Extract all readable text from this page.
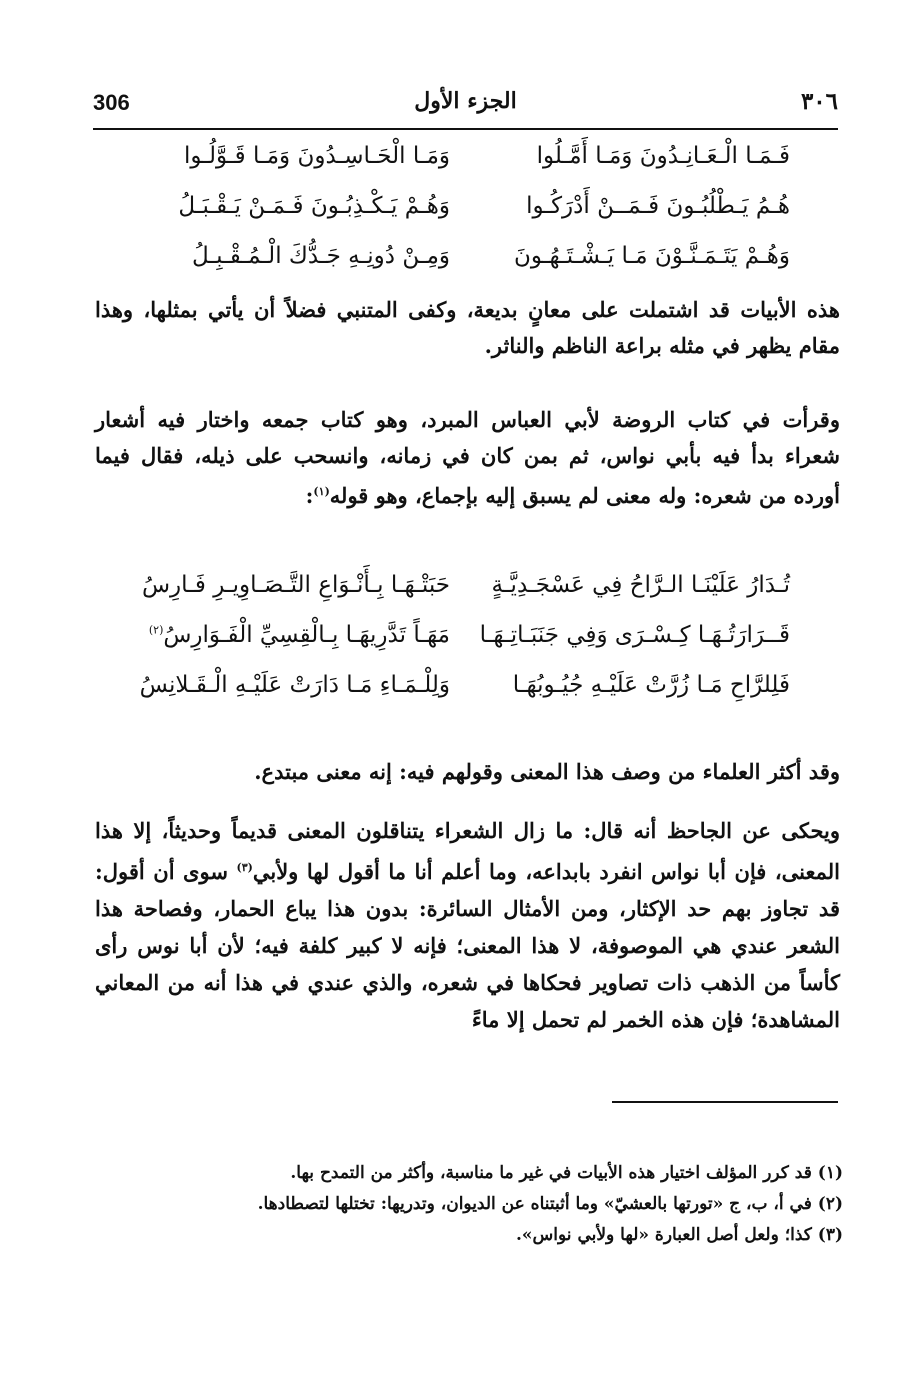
306	الجزء الأول	٣٠٦
فَـمَـا الْـعَـانِـدُونَ وَمَـا أَمَّـلُوا
وَمَـا الْحَـاسِـدُونَ وَمَـا قَـوَّلُـوا
هُـمُ يَـطْلُبُـونَ فَـمَــنْ أَدْرَكُـوا
وَهُـمْ يَـكْـذِبُـونَ فَـمَـنْ يَـقْـبَـلُ
وَهُـمْ يَتَـمَـنَّـوْنَ مَـا يَـشْـتَـهُـونَ
وَمِـنْ دُونِـهِ جَـدُّكَ الْـمُـقْـبِـلُ

هذه الأبيات قد اشتملت على معانٍ بديعة، وكفى المتنبي فضلاً أن يأتي بمثلها، وهذا مقام يظهر في مثله براعة الناظم والناثر.

وقرأت في كتاب الروضة لأبي العباس المبرد، وهو كتاب جمعه واختار فيه أشعار شعراء بدأ فيه بأبي نواس، ثم بمن كان في زمانه، وانسحب على ذيله، فقال فيما أورده من شعره: وله معنى لم يسبق إليه بإجماع، وهو قوله$^{(١)}$:

تُـدَارُ عَلَيْنَـا الـرَّاحُ فِي عَسْجَـدِيَّـةٍ
حَبَتْـهَـا بِـأَنْـوَاعِ التَّـصَـاوِيـرِ فَـارِسُ
قَــرَارَتُـهَـا كِـسْـرَى وَفِي جَنَبَـاتِـهَـا
مَهَـاً تَدَّرِيهَـا بِـالْقِسِيِّ الْفَـوَارِسُ$^{(٢)}$
فَلِلرَّاحِ مَـا زُرَّتْ عَلَيْـهِ جُيُـوبُهَـا
وَلِلْـمَـاءِ مَـا دَارَتْ عَلَيْـهِ الْـقَـلانِسُ

وقد أكثر العلماء من وصف هذا المعنى وقولهم فيه: إنه معنى مبتدع.

ويحكى عن الجاحظ أنه قال: ما زال الشعراء يتناقلون المعنى قديماً وحديثاً، إلا هذا المعنى، فإن أبا نواس انفرد بابداعه، وما أعلم أنا ما أقول لها ولأبي$^{(٣)}$ سوى أن أقول: قد تجاوز بهم حد الإكثار، ومن الأمثال السائرة: بدون هذا يباع الحمار، وفصاحة هذا الشعر عندي هي الموصوفة، لا هذا المعنى؛ فإنه لا كبير كلفة فيه؛ لأن أبا نوس رأى كأساً من الذهب ذات تصاوير فحكاها في شعره، والذي عندي في هذا أنه من المعاني المشاهدة؛ فإن هذه الخمر لم تحمل إلا ماءً

(١) قد كرر المؤلف اختيار هذه الأبيات في غير ما مناسبة، وأكثر من التمدح بها.
(٢) في أ، ب، ج «تورتها بالعشيّ» وما أثبتناه عن الديوان، وتدريها: تختلها لتصطادها.
(٣) كذا؛ ولعل أصل العبارة «لها ولأبي نواس».
